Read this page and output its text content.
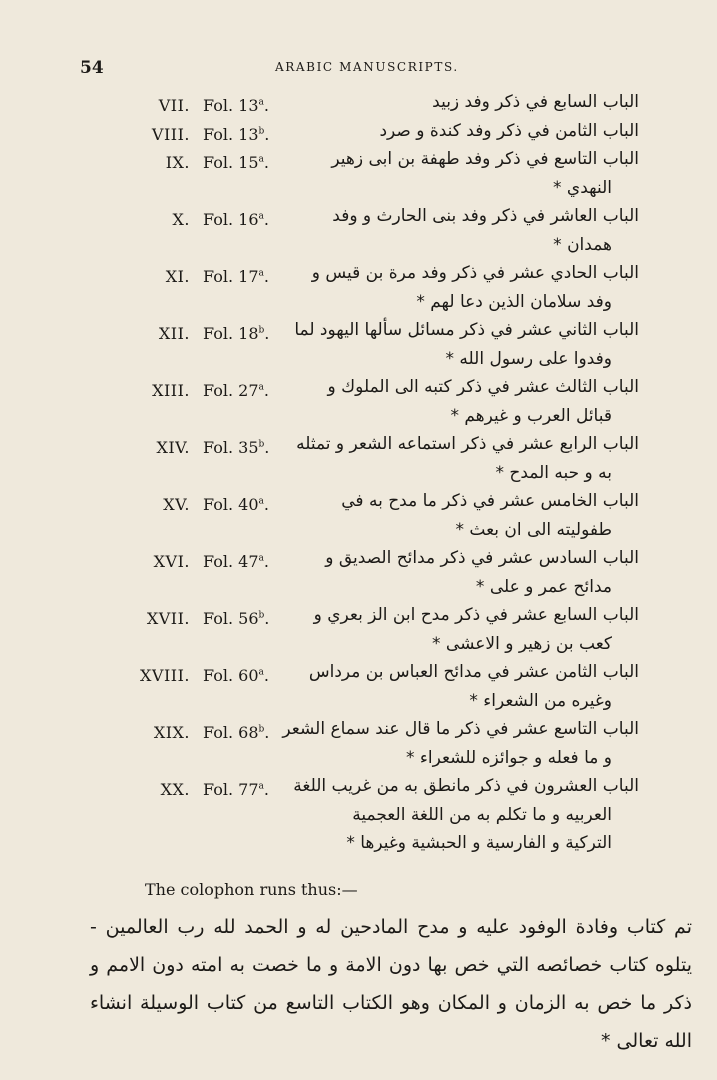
54	ARABIC MANUSCRIPTS.
VII. Fol. 13$^a$.	الباب السابع في ذكر وفد زبيد
VIII. Fol. 13$^b$.	الباب الثامن في ذكر وفد كندة و صرد
IX. Fol. 15$^a$.	الباب التاسع في ذكر وفد طهفة بن ابى زهير
النهدي *
X. Fol. 16$^a$.	الباب العاشر في ذكر وفد بنى الحارث و وفد
همدان *
XI. Fol. 17$^a$.	الباب الحادي عشر في ذكر وفد مرة بن قيس و
وفد سلامان الذين دعا لهم *
XII. Fol. 18$^b$. الباب الثاني عشر في ذكر مسائل سألها اليهود لما
وفدوا على رسول الله *
XIII. Fol. 27$^a$.	الباب الثالث عشر في ذكر كتبه الى الملوك و
قبائل العرب و غيرهم *
XIV. Fol. 35$^b$. الباب الرابع عشر في ذكر استماعه الشعر و تمثله
به و حبه المدح *
XV. Fol. 40$^a$.	الباب الخامس عشر في ذكر ما مدح به في
طفوليته الى ان بعث *
XVI. Fol. 47$^a$.	الباب السادس عشر في ذكر مدائح الصديق و
مدائح عمر و على *
XVII. Fol. 56$^b$.	الباب السابع عشر في ذكر مدح ابن الز بعري و
كعب بن زهير و الاعشى *
XVIII. Fol. 60$^a$. الباب الثامن عشر في مدائح العباس بن مرداس
وغيره من الشعراء *
XIX. Fol. 68$^b$. الباب التاسع عشر في ذكر ما قال عند سماع الشعر
و ما فعله و جوائزه للشعراء *
XX. Fol. 77$^a$. الباب العشرون في ذكر مانطق به من غريب اللغة
العربيه و ما تكلم به من اللغة العجمية
التركية و الفارسية و الحبشية وغيرها *
The colophon runs thus:—
تم كتاب وفادة الوفود عليه و مدح المادحين له و الحمد لله رب العالمين - يتلوه كتاب خصائصه التي خص بها دون الامة و ما خصت به امته دون الامم و ذكر ما خص به الزمان و المكان وهو الكتاب التاسع من كتاب الوسيلة انشاء الله تعالى *
